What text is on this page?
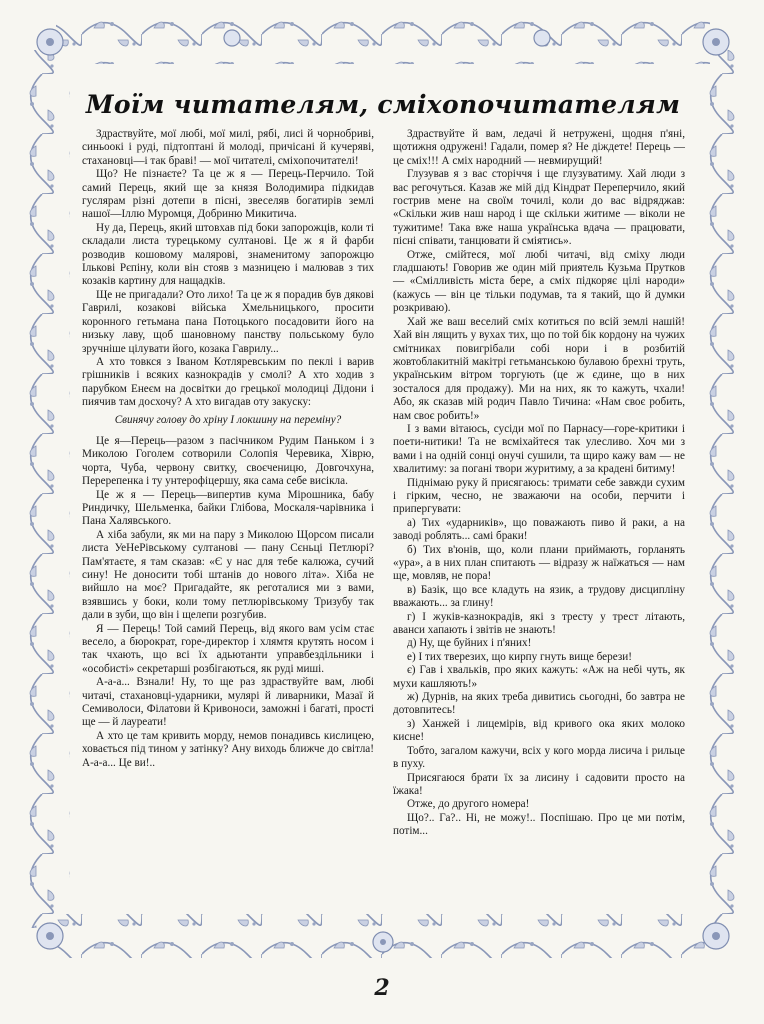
Моїм читателям, сміхопочитателям

Здраствуйте, мої любі, мої милі, рябі, лисі й чорнобриві, синьоокі і руді, підтоптані й молоді, причісані й кучеряві, стахановці—і так браві! — мої читателі, сміхопочитателі!

Що? Не пізнаєте? Та це ж я — Перець-Перчило. Той самий Перець, який ще за князя Володимира підкидав гуслярам різні дотепи в пісні, звеселяв богатирів землі нашої—Іллю Муромця, Добриню Микитича.

Ну да, Перець, який штовхав під боки запорожців, коли ті складали листа турецькому султанові. Це ж я й фарби розводив кошовому малярові, знаменитому запорожцю Ількові Рєпіну, коли він стояв з мазницею і малював з тих козаків картину для нащадків.

Ще не пригадали? Ото лихо! Та це ж я порадив був дякові Гаврилі, козакові війська Хмельницького, просити коронного гетьмана пана Потоцького посадовити його на низьку лаву, щоб шановному панству польському було зручніше цілувати його, козака Гаврилу...

А хто товкся з Іваном Котляревським по пеклі і варив грішників і всяких казнокрадів у смолі? А хто ходив з парубком Енеєм на досвітки до грецької молодиці Дідони і пиячив там досхочу? А хто вигадав оту закуску:

Свинячу голову до хріну І локшину на переміну?

Це я—Перець—разом з пасічником Рудим Паньком і з Миколою Гоголем сотворили Солопія Черевика, Хіврю, чорта, Чуба, червону свитку, своєченицю, Довгочхуна, Перерепенка і ту унтерофіцершу, яка сама себе висікла.

Це ж я — Перець—випертив кума Мірошника, бабу Риндичку, Шельменка, байки Глібова, Москаля-чарівника і Пана Халявського.

А хіба забули, як ми на пару з Миколою Щорсом писали листа УеНеРівському султанові — пану Сєньці Петлюрі? Пам'ятаєте, я там сказав: «Є у нас для тебе калюжа, сучий сину! Не доносити тобі штанів до нового літа». Хіба не вийшло на моє? Пригадайте, як реготалися ми з вами, взявшись у боки, коли тому петлюрівському Тризубу так дали в зуби, що він і щелепи розгубив.

Я — Перець! Той самий Перець, від якого вам усім стає весело, а бюрократ, горе-директор і хлямтя крутять носом і так чхають, що всі їх адьютанти управбездільники і «особисті» секретарші розбігаються, як руді миші.

А-а-а... Взнали! Ну, то ще раз здраствуйте вам, любі читачі, стахановці-ударники, мулярі й ливарники, Мазаї й Семиволоси, Філатови й Кривоноси, заможні і багаті, прості ще — й лауреати!

А хто це там кривить морду, немов понадивсь кислицею, ховається під тином у затінку? Ану виходь ближче до світла! А-а-а... Це ви!..

Здраствуйте й вам, ледачі й нетружені, щодня п'яні, щотижня одружені! Гадали, помер я? Не діждете! Перець — це сміх!!! А сміх народний — невмирущий!

Глузував я з вас сторіччя і ще глузуватиму. Хай люди з вас регочуться. Казав же мій дід Кіндрат Переперчило, який гострив мене на своїм точилі, коли до вас відряджав: «Скільки жив наш народ і ще скільки житиме — віколи не тужитиме! Така вже наша українська вдача — працювати, пісні співати, танцювати й сміятись».

Отже, смійтеся, мої любі читачі, від сміху люди гладшають! Говорив же один мій приятель Кузьма Прутков — «Смілливість міста бере, а сміх підкоряє цілі народи» (кажусь — він це тільки подумав, та я такий, що й думки розкриваю).

Хай же ваш веселий сміх котиться по всій землі нашій! Хай він лящить у вухах тих, що по той бік кордону на чужих смітниках повигрібали собі нори і в розбитій жовтоблакитній макітрі гетьманською булавою брехні труть, українським вітром торгують (це ж єдине, що в них зосталося для продажу). Ми на них, як то кажуть, чхали! Або, як сказав мій родич Павло Тичина: «Нам своє робить, нам своє робить!»

І з вами вітаюсь, сусіди мої по Парнасу—горе-критики і поети-нитики! Та не всміхайтеся так улесливо. Хоч ми з вами і на одній сонці онучі сушили, та щиро кажу вам — не хвалитиму: за погані твори журитиму, а за крадені битиму!

Піднімаю руку й присягаюсь: тримати себе завжди сухим і гірким, чесно, не зважаючи на особи, перчити і припергувати:

а) Тих «ударників», що поважають пиво й раки, а на заводі роблять... самі браки!

б) Тих в'юнів, що, коли плани приймають, горланять «ура», а в них план спитають — відразу ж наїжаться — нам ще, мовляв, не пора!

в) Базік, що все кладуть на язик, а трудову дисципліну вважають... за глину!

г) І жуків-казнокрадів, які з тресту у трест літають, аванси хапають і звітів не знають!

д) Ну, ще буйних і п'яних!

е) І тих тверезих, що кирпу гнуть вище берези!

є) Гав і хвальків, про яких кажуть: «Аж на небі чуть, як мухи кашляють!»

ж) Дурнів, на яких треба дивитись сьогодні, бо завтра не дотовпитесь!

з) Ханжей і лицемірів, від кривого ока яких молоко кисне!

Тобто, загалом кажучи, всіх у кого морда лисича і рильце в пуху.

Присягаюся брати їх за лисину і садовити просто на їжака!

Отже, до другого номера!

Що?.. Га?.. Ні, не можу!.. Поспішаю. Про це ми потім, потім...

2
